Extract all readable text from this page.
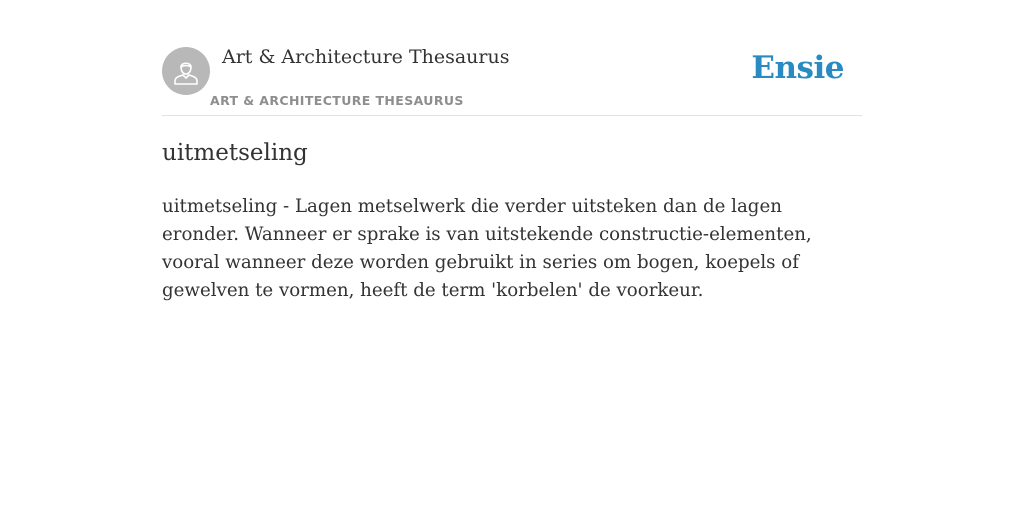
Art & Architecture Thesaurus
ART & ARCHITECTURE THESAURUS
Ensie
uitmetseling

uitmetseling - Lagen metselwerk die verder uitsteken dan de lagen eronder. Wanneer er sprake is van uitstekende constructie-elementen, vooral wanneer deze worden gebruikt in series om bogen, koepels of gewelven te vormen, heeft de term 'korbelen' de voorkeur.
